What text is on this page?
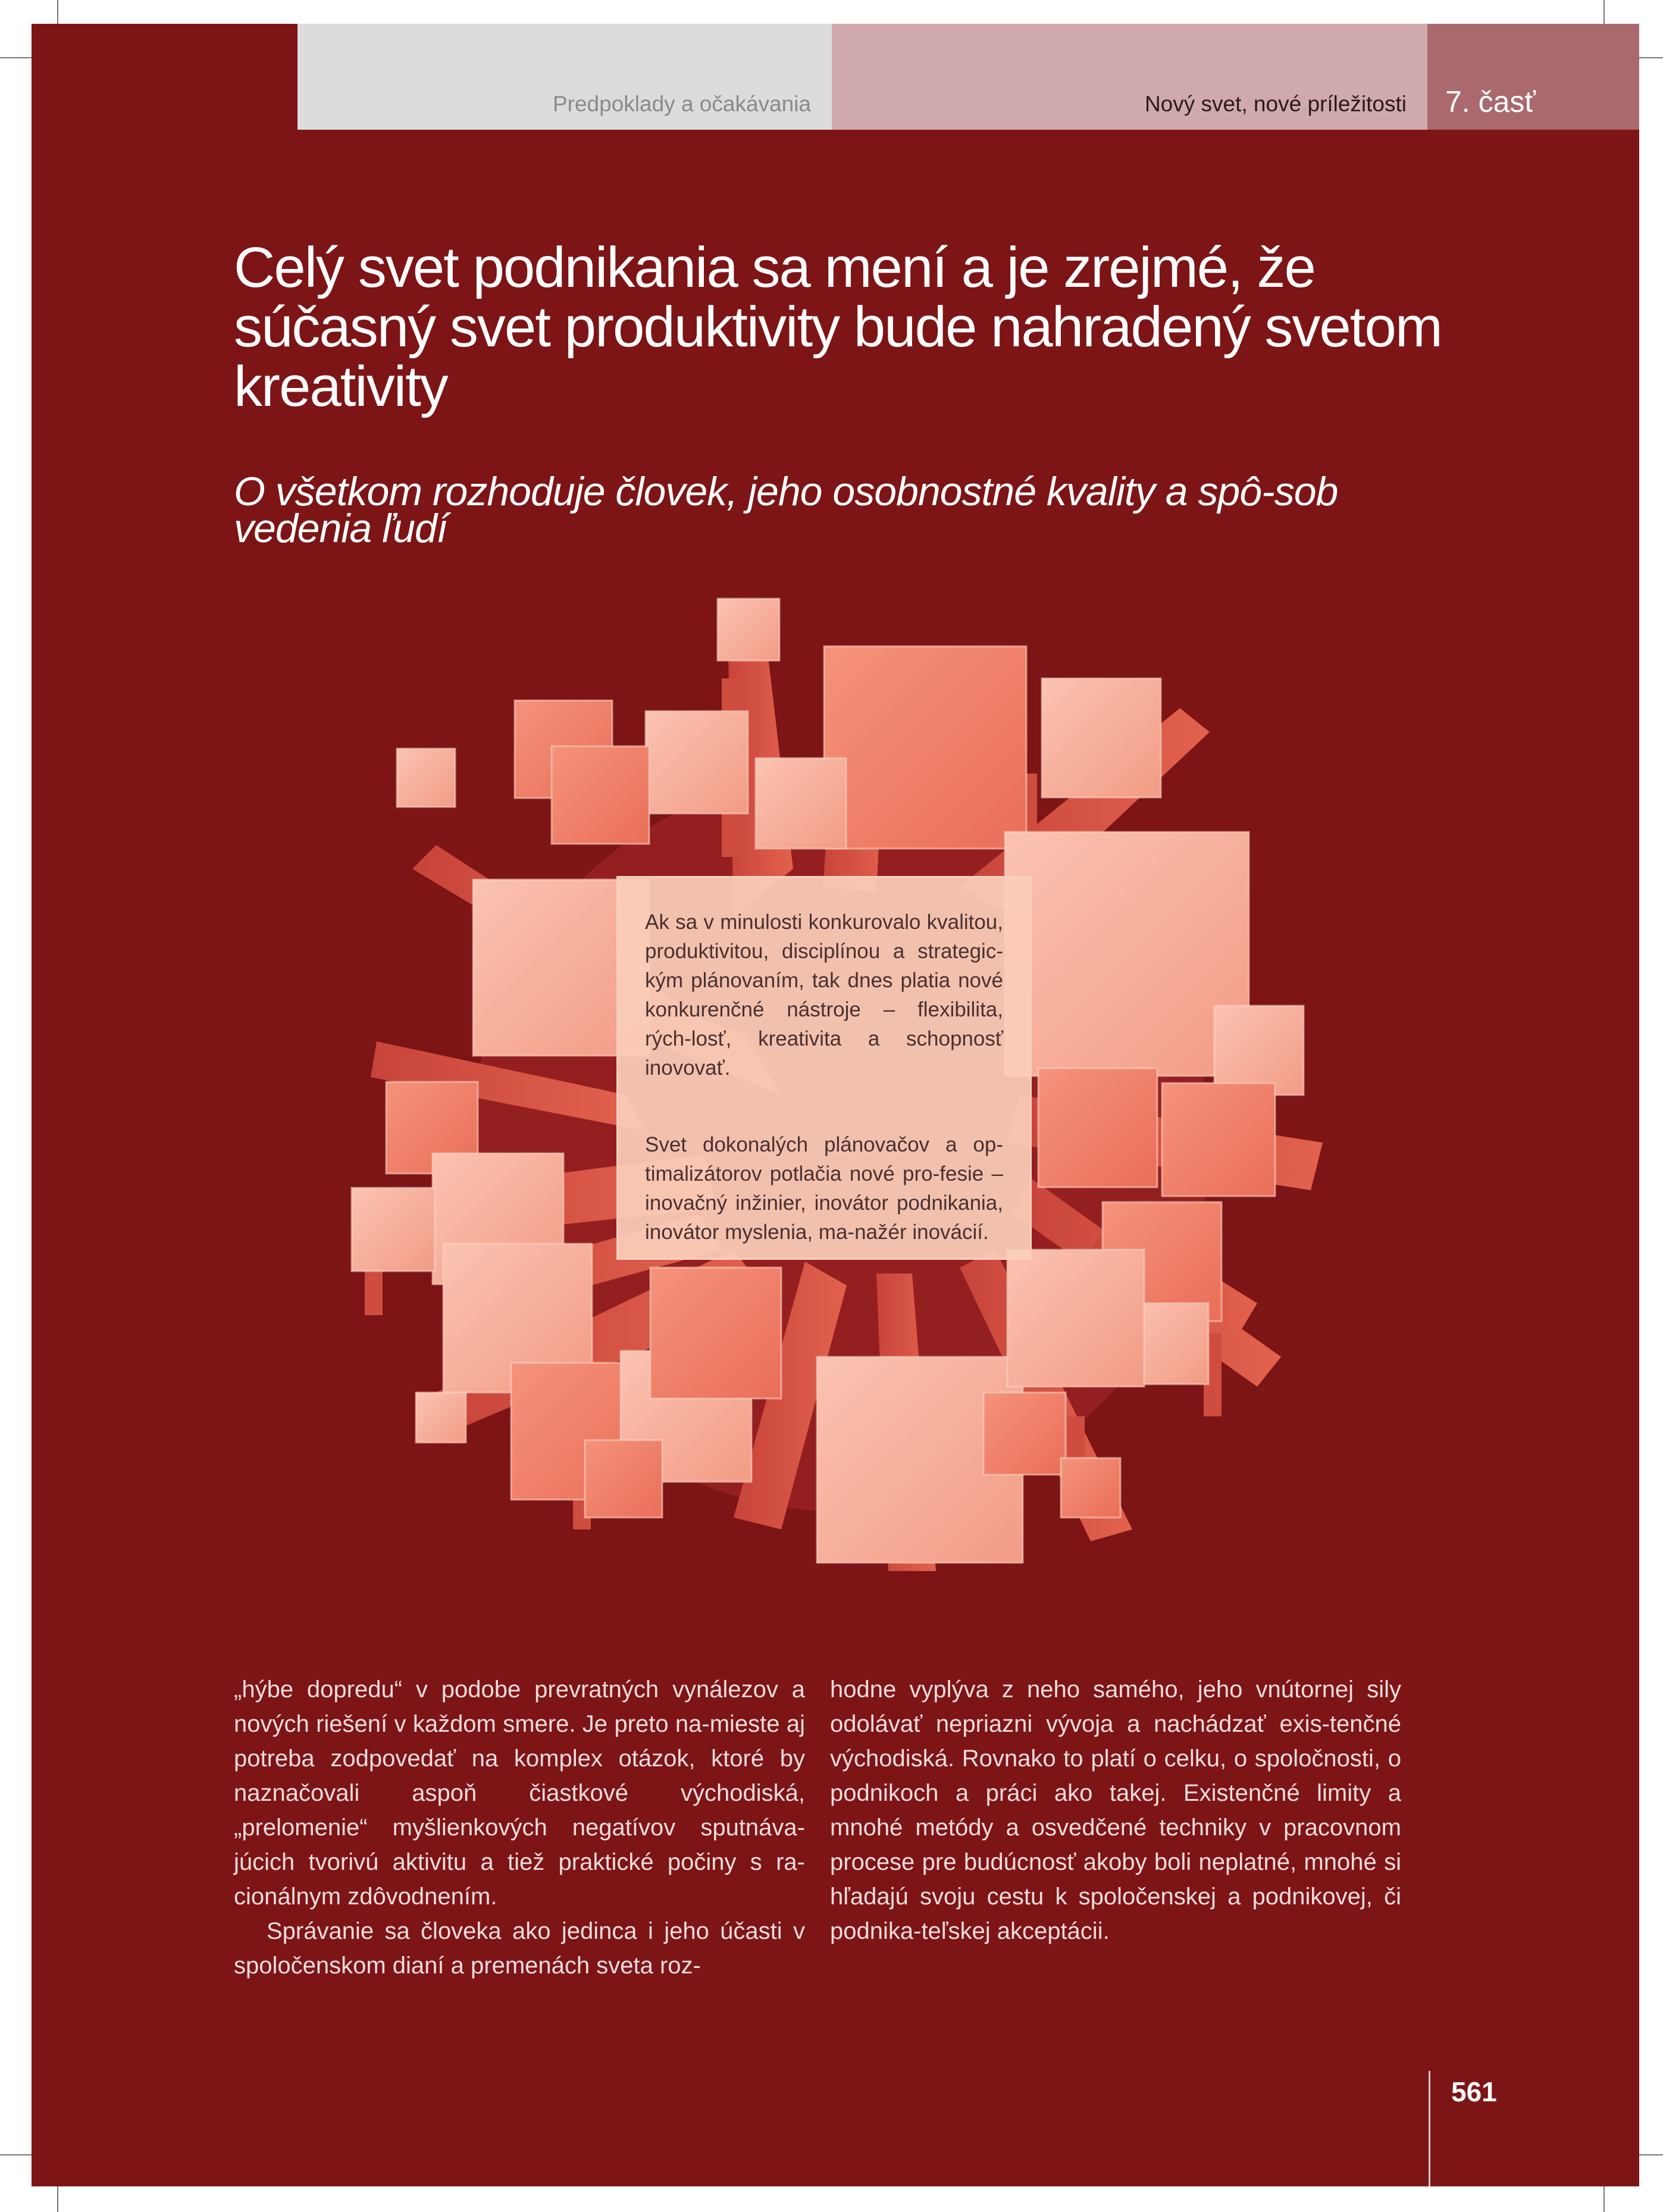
Predpoklady a očakávania	Nový svet, nové príležitosti 7. časť
Celý svet podnikania sa mení a je zrejmé, že súčasný svet produktivity bude nahradený svetom kreativity
O všetkom rozhoduje človek, jeho osobnostné kvality a spô-sob vedenia ľudí

Ak sa v minulosti konkurovalo kvalitou, produktivitou, disciplínou a strategic-kým plánovaním, tak dnes platia nové konkurenčné nástroje – flexibilita, rých-losť, kreativita a schopnosť inovovať.

Svet dokonalých plánovačov a op-timalizátorov potlačia nové pro-fesie – inovačný inžinier, inovátor podnikania, inovátor myslenia, ma-nažér inovácií.

„hýbe dopredu“ v podobe prevratných vynálezov a nových riešení v každom smere. Je preto na-mieste aj potreba zodpovedať na komplex otázok, ktoré by naznačovali aspoň čiastkové východiská, „prelomenie“ myšlienkových negatívov sputnáva-júcich tvorivú aktivitu a tiež praktické počiny s ra-cionálnym zdôvodnením.

Správanie sa človeka ako jedinca i jeho účasti v spoločenskom dianí a premenách sveta roz-

hodne vyplýva z neho samého, jeho vnútornej sily odolávať nepriazni vývoja a nachádzať exis-tenčné východiská. Rovnako to platí o celku, o spoločnosti, o podnikoch a práci ako takej. Existenčné limity a mnohé metódy a osvedčené techniky v pracovnom procese pre budúcnosť akoby boli neplatné, mnohé si hľadajú svoju cestu k spoločenskej a podnikovej, či podnika-teľskej akceptácii.

561
